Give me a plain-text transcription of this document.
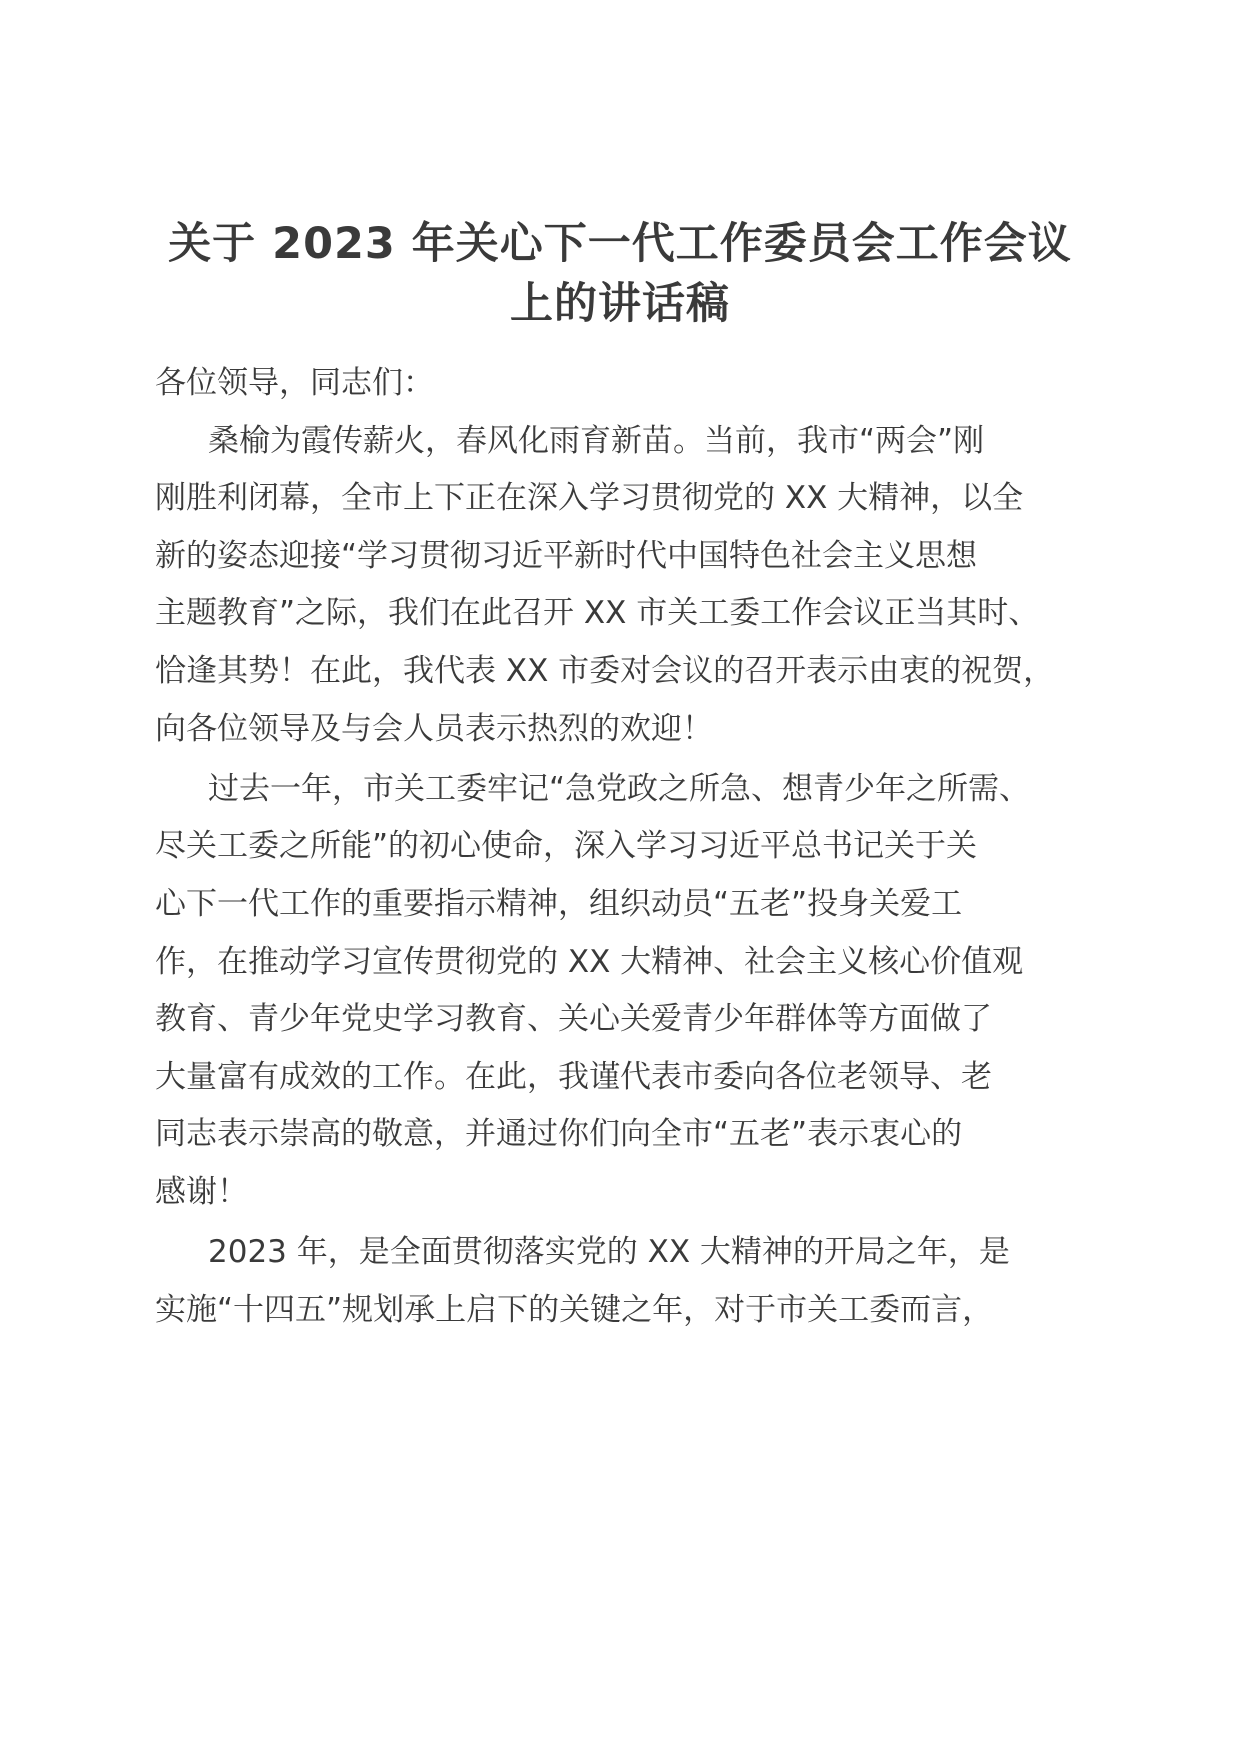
关于 2023 年关心下一代工作委员会工作会议
上的讲话稿
各位领导，同志们：
桑榆为霞传薪火，春风化雨育新苗。当前，我市“两会”刚
刚胜利闭幕，全市上下正在深入学习贯彻党的 XX 大精神，以全
新的姿态迎接“学习贯彻习近平新时代中国特色社会主义思想
主题教育”之际，我们在此召开 XX 市关工委工作会议正当其时、
恰逢其势！在此，我代表 XX 市委对会议的召开表示由衷的祝贺，
向各位领导及与会人员表示热烈的欢迎！
过去一年，市关工委牢记“急党政之所急、想青少年之所需、
尽关工委之所能”的初心使命，深入学习习近平总书记关于关
心下一代工作的重要指示精神，组织动员“五老”投身关爱工
作，在推动学习宣传贯彻党的 XX 大精神、社会主义核心价值观
教育、青少年党史学习教育、关心关爱青少年群体等方面做了
大量富有成效的工作。在此，我谨代表市委向各位老领导、老
同志表示崇高的敬意，并通过你们向全市“五老”表示衷心的
感谢！
2023 年，是全面贯彻落实党的 XX 大精神的开局之年，是
实施“十四五”规划承上启下的关键之年，对于市关工委而言，
